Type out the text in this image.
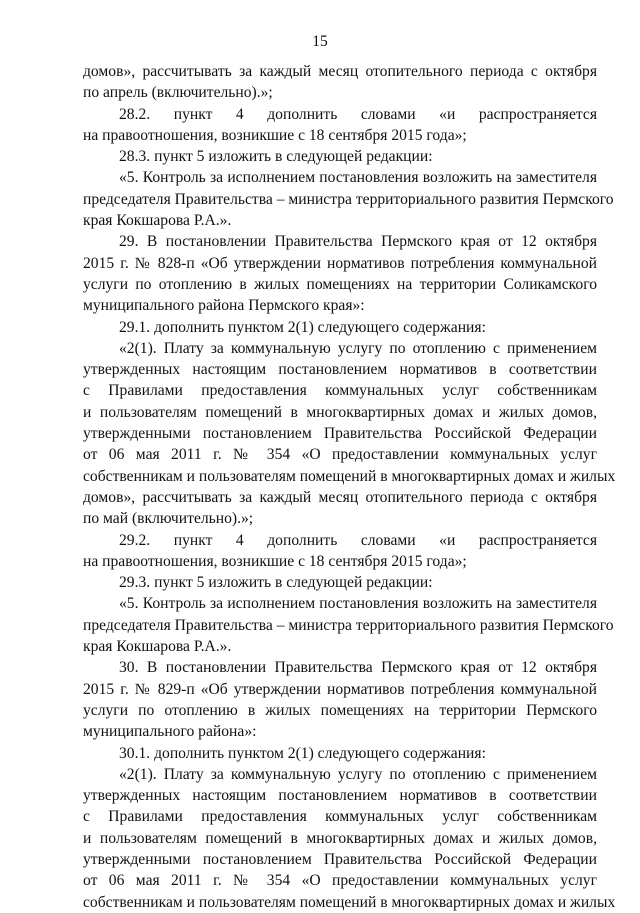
15
домов», рассчитывать за каждый месяц отопительного периода с октября
по апрель (включительно).»;
28.2. пункт 4 дополнить словами «и распространяется
на правоотношения, возникшие с 18 сентября 2015 года»;
28.3. пункт 5 изложить в следующей редакции:
«5. Контроль за исполнением постановления возложить на заместителя
председателя Правительства – министра территориального развития Пермского
края Кокшарова Р.А.».
29. В постановлении Правительства Пермского края от 12 октября
2015 г. № 828-п «Об утверждении нормативов потребления коммунальной
услуги по отоплению в жилых помещениях на территории Соликамского
муниципального района Пермского края»:
29.1. дополнить пунктом 2(1) следующего содержания:
«2(1). Плату за коммунальную услугу по отоплению с применением
утвержденных настоящим постановлением нормативов в соответствии
с Правилами предоставления коммунальных услуг собственникам
и пользователям помещений в многоквартирных домах и жилых домов,
утвержденными постановлением Правительства Российской Федерации
от 06 мая 2011 г. № 354 «О предоставлении коммунальных услуг
собственникам и пользователям помещений в многоквартирных домах и жилых
домов», рассчитывать за каждый месяц отопительного периода с октября
по май (включительно).»;
29.2. пункт 4 дополнить словами «и распространяется
на правоотношения, возникшие с 18 сентября 2015 года»;
29.3. пункт 5 изложить в следующей редакции:
«5. Контроль за исполнением постановления возложить на заместителя
председателя Правительства – министра территориального развития Пермского
края Кокшарова Р.А.».
30. В постановлении Правительства Пермского края от 12 октября
2015 г. № 829-п «Об утверждении нормативов потребления коммунальной
услуги по отоплению в жилых помещениях на территории Пермского
муниципального района»:
30.1. дополнить пунктом 2(1) следующего содержания:
«2(1). Плату за коммунальную услугу по отоплению с применением
утвержденных настоящим постановлением нормативов в соответствии
с Правилами предоставления коммунальных услуг собственникам
и пользователям помещений в многоквартирных домах и жилых домов,
утвержденными постановлением Правительства Российской Федерации
от 06 мая 2011 г. № 354 «О предоставлении коммунальных услуг
собственникам и пользователям помещений в многоквартирных домах и жилых
